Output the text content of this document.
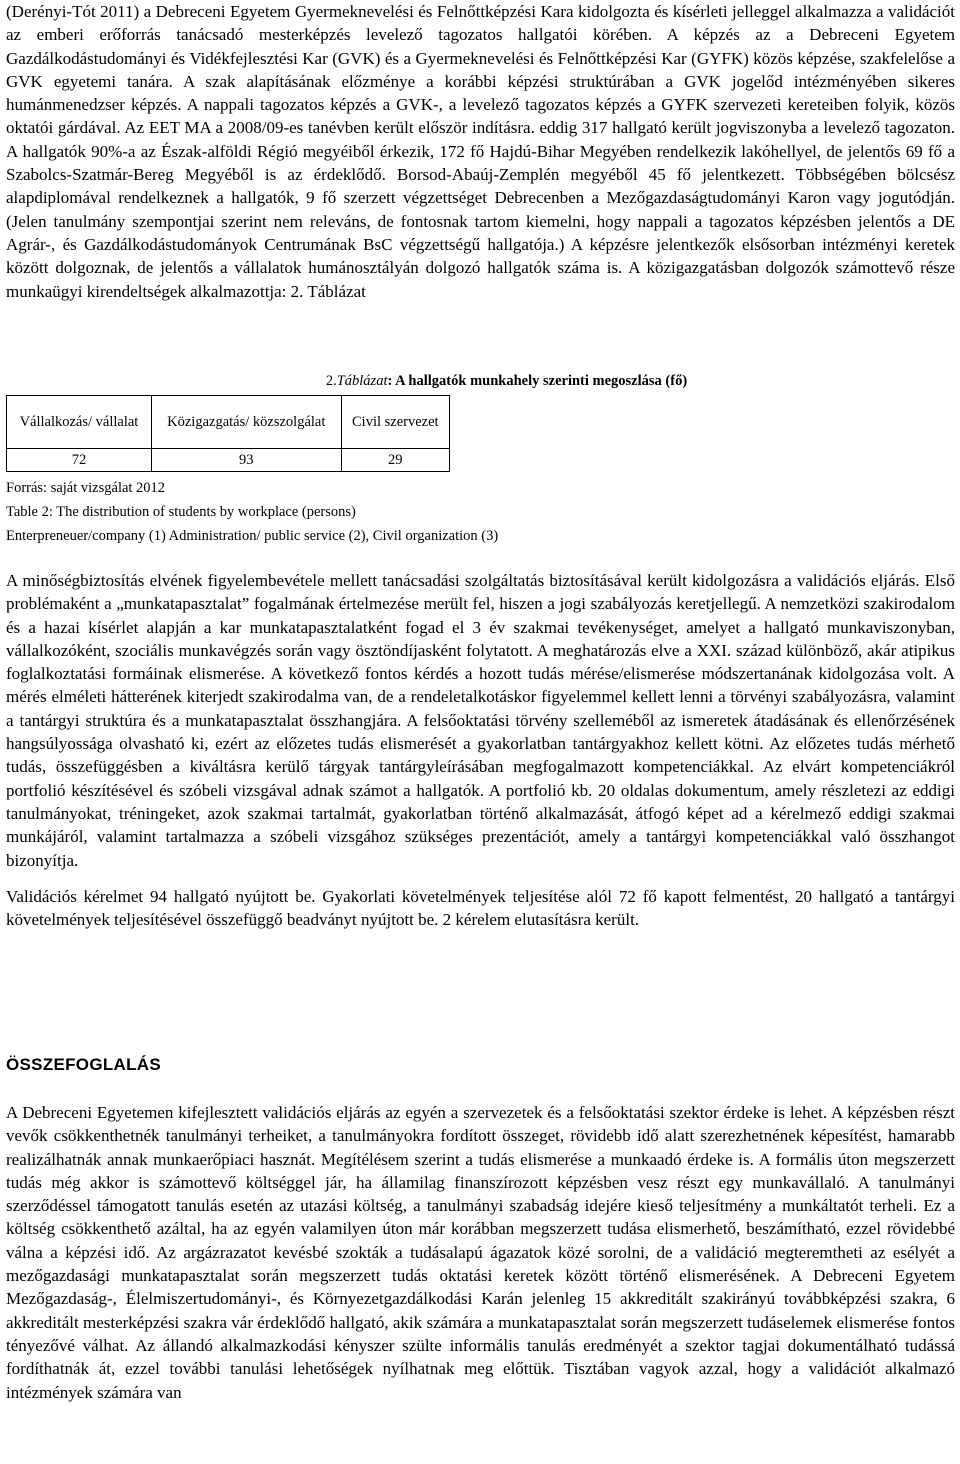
(Derényi-Tót 2011) a Debreceni Egyetem Gyermeknevelési és Felnőttképzési Kara kidolgozta és kísérleti jelleggel alkalmazza a validációt az emberi erőforrás tanácsadó mesterképzés levelező tagozatos hallgatói körében. A képzés az a Debreceni Egyetem Gazdálkodástudományi és Vidékfejlesztési Kar (GVK) és a Gyermeknevelési és Felnőttképzési Kar (GYFK) közös képzése, szakfelelőse a GVK egyetemi tanára. A szak alapításának előzménye a korábbi képzési struktúrában a GVK jogelőd intézményében sikeres humánmenedzser képzés. A nappali tagozatos képzés a GVK-, a levelező tagozatos képzés a GYFK szervezeti kereteiben folyik, közös oktatói gárdával. Az EET MA a 2008/09-es tanévben került először indításra. eddig 317 hallgató került jogviszonyba a levelező tagozaton. A hallgatók 90%-a az Észak-alföldi Régió megyéiből érkezik, 172 fő Hajdú-Bihar Megyében rendelkezik lakóhellyel, de jelentős 69 fő a Szabolcs-Szatmár-Bereg Megyéből is az érdeklődő. Borsod-Abaúj-Zemplén megyéből 45 fő jelentkezett. Többségében bölcsész alapdiplomával rendelkeznek a hallgatók, 9 fő szerzett végzettséget Debrecenben a Mezőgazdaságtudományi Karon vagy jogutódján. (Jelen tanulmány szempontjai szerint nem releváns, de fontosnak tartom kiemelni, hogy nappali a tagozatos képzésben jelentős a DE Agrár-, és Gazdálkodástudományok Centrumának BsC végzettségű hallgatója.) A képzésre jelentkezők elsősorban intézményi keretek között dolgoznak, de jelentős a vállalatok humánosztályán dolgozó hallgatók száma is. A közigazgatásban dolgozók számottevő része munkaügyi kirendeltségek alkalmazottja: 2. Táblázat

2.Táblázat: A hallgatók munkahely szerinti megoszlása (fő)
Vállalkozás/ vállalat	Közigazgatás/ közszolgálat	Civil szervezet
72	93	29

Forrás: saját vizsgálat 2012

Table 2: The distribution of students by workplace (persons)

Enterpreneuer/company (1) Administration/ public service (2), Civil organization (3)

A minőségbiztosítás elvének figyelembevétele mellett tanácsadási szolgáltatás biztosításával került kidolgozásra a validációs eljárás. Első problémaként a „munkatapasztalat” fogalmának értelmezése merült fel, hiszen a jogi szabályozás keretjellegű. A nemzetközi szakirodalom és a hazai kísérlet alapján a kar munkatapasztalatként fogad el 3 év szakmai tevékenységet, amelyet a hallgató munkaviszonyban, vállalkozóként, szociális munkavégzés során vagy ösztöndíjasként folytatott. A meghatározás elve a XXI. század különböző, akár atipikus foglalkoztatási formáinak elismerése. A következő fontos kérdés a hozott tudás mérése/elismerése módszertanának kidolgozása volt. A mérés elméleti hátterének kiterjedt szakirodalma van, de a rendeletalkotáskor figyelemmel kellett lenni a törvényi szabályozásra, valamint a tantárgyi struktúra és a munkatapasztalat összhangjára. A felsőoktatási törvény szelleméből az ismeretek átadásának és ellenőrzésének hangsúlyossága olvasható ki, ezért az előzetes tudás elismerését a gyakorlatban tantárgyakhoz kellett kötni. Az előzetes tudás mérhető tudás, összefüggésben a kiváltásra kerülő tárgyak tantárgyleírásában megfogalmazott kompetenciákkal. Az elvárt kompetenciákról portfolió készítésével és szóbeli vizsgával adnak számot a hallgatók. A portfolió kb. 20 oldalas dokumentum, amely részletezi az eddigi tanulmányokat, tréningeket, azok szakmai tartalmát, gyakorlatban történő alkalmazását, átfogó képet ad a kérelmező eddigi szakmai munkájáról, valamint tartalmazza a szóbeli vizsgához szükséges prezentációt, amely a tantárgyi kompetenciákkal való összhangot bizonyítja.

Validációs kérelmet 94 hallgató nyújtott be. Gyakorlati követelmények teljesítése alól 72 fő kapott felmentést, 20 hallgató a tantárgyi követelmények teljesítésével összefüggő beadványt nyújtott be. 2 kérelem elutasításra került.

ÖSSZEFOGLALÁS

A Debreceni Egyetemen kifejlesztett validációs eljárás az egyén a szervezetek és a felsőoktatási szektor érdeke is lehet. A képzésben részt vevők csökkenthetnék tanulmányi terheiket, a tanulmányokra fordított összeget, rövidebb idő alatt szerezhetnének képesítést, hamarabb realizálhatnák annak munkaerőpiaci hasznát. Megítélésem szerint a tudás elismerése a munkaadó érdeke is. A formális úton megszerzett tudás még akkor is számottevő költséggel jár, ha államilag finanszírozott képzésben vesz részt egy munkavállaló. A tanulmányi szerződéssel támogatott tanulás esetén az utazási költség, a tanulmányi szabadság idejére kieső teljesítmény a munkáltatót terheli. Ez a költség csökkenthető azáltal, ha az egyén valamilyen úton már korábban megszerzett tudása elismerhető, beszámítható, ezzel rövidebbé válna a képzési idő. Az argázrazatot kevésbé szokták a tudásalapú ágazatok közé sorolni, de a validáció megteremtheti az esélyét a mezőgazdasági munkatapasztalat során megszerzett tudás oktatási keretek között történő elismerésének. A Debreceni Egyetem Mezőgazdaság-, Élelmiszertudományi-, és Környezetgazdálkodási Karán jelenleg 15 akkreditált szakirányú továbbképzési szakra, 6 akkreditált mesterképzési szakra vár érdeklődő hallgató, akik számára a munkatapasztalat során megszerzett tudáselemek elismerése fontos tényezővé válhat. Az állandó alkalmazkodási kényszer szülte informális tanulás eredményét a szektor tagjai dokumentálható tudássá fordíthatnák át, ezzel további tanulási lehetőségek nyílhatnak meg előttük. Tisztában vagyok azzal, hogy a validációt alkalmazó intézmények számára van
